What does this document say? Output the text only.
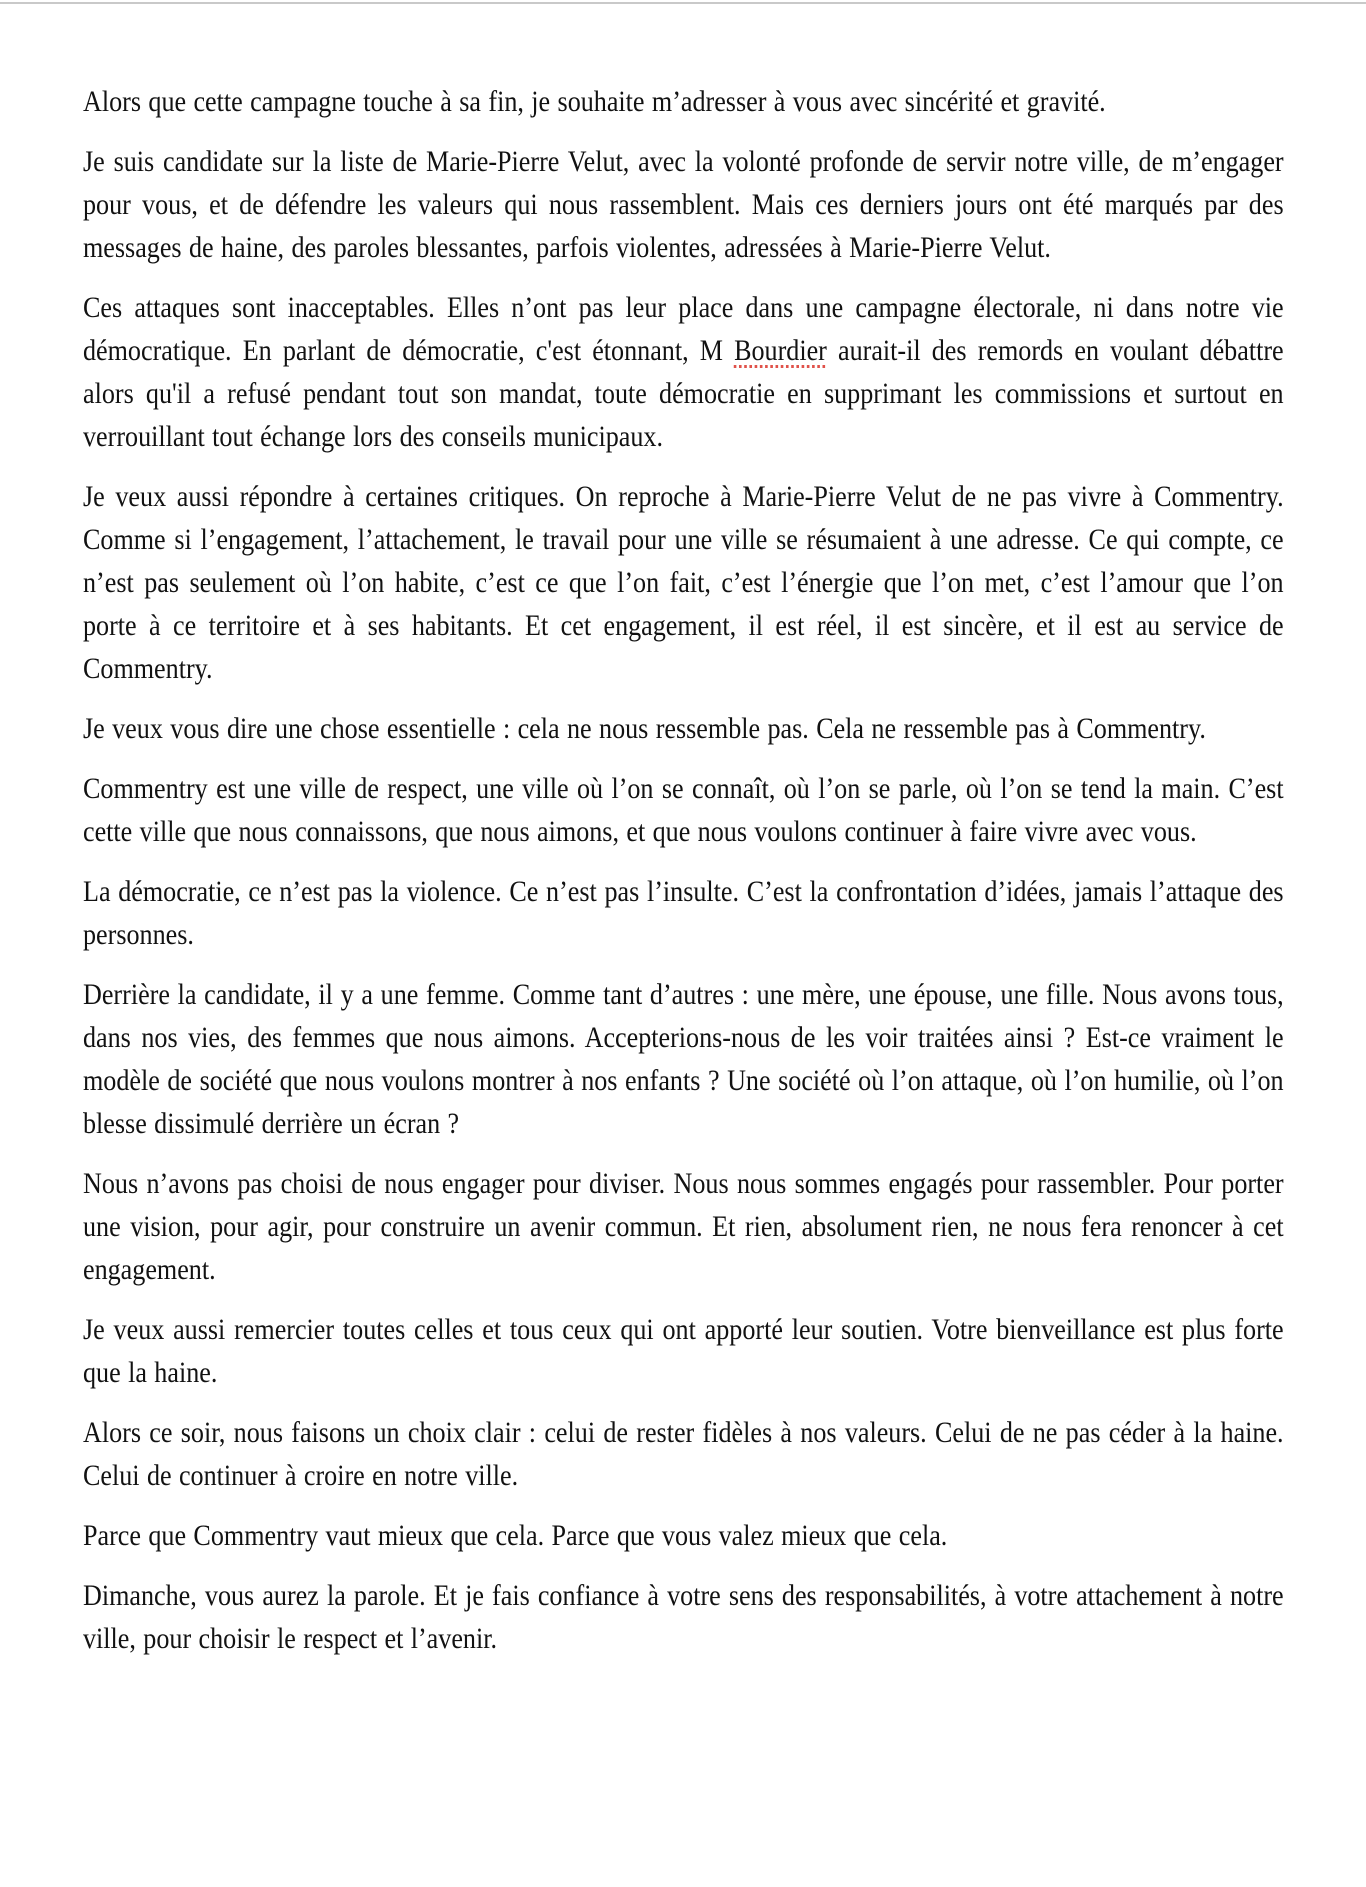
Alors que cette campagne touche à sa fin, je souhaite m’adresser à vous avec sincérité et gravité.

Je suis candidate sur la liste de Marie-Pierre Velut, avec la volonté profonde de servir notre ville, de m’engager pour vous, et de défendre les valeurs qui nous rassemblent. Mais ces derniers jours ont été marqués par des messages de haine, des paroles blessantes, parfois violentes, adressées à Marie-Pierre Velut.

Ces attaques sont inacceptables. Elles n’ont pas leur place dans une campagne électorale, ni dans notre vie démocratique. En parlant de démocratie, c'est étonnant, M Bourdier aurait-il des remords en voulant débattre alors qu'il a refusé pendant tout son mandat, toute démocratie en supprimant les commissions et surtout en verrouillant tout échange lors des conseils municipaux.

Je veux aussi répondre à certaines critiques. On reproche à Marie-Pierre Velut de ne pas vivre à Commentry. Comme si l’engagement, l’attachement, le travail pour une ville se résumaient à une adresse. Ce qui compte, ce n’est pas seulement où l’on habite, c’est ce que l’on fait, c’est l’énergie que l’on met, c’est l’amour que l’on porte à ce territoire et à ses habitants. Et cet engagement, il est réel, il est sincère, et il est au service de Commentry.

Je veux vous dire une chose essentielle : cela ne nous ressemble pas. Cela ne ressemble pas à Commentry.

Commentry est une ville de respect, une ville où l’on se connaît, où l’on se parle, où l’on se tend la main. C’est cette ville que nous connaissons, que nous aimons, et que nous voulons continuer à faire vivre avec vous.

La démocratie, ce n’est pas la violence. Ce n’est pas l’insulte. C’est la confrontation d’idées, jamais l’attaque des personnes.

Derrière la candidate, il y a une femme. Comme tant d’autres : une mère, une épouse, une fille. Nous avons tous, dans nos vies, des femmes que nous aimons. Accepterions-nous de les voir traitées ainsi ? Est-ce vraiment le modèle de société que nous voulons montrer à nos enfants ? Une société où l’on attaque, où l’on humilie, où l’on blesse dissimulé derrière un écran ?

Nous n’avons pas choisi de nous engager pour diviser. Nous nous sommes engagés pour rassembler. Pour porter une vision, pour agir, pour construire un avenir commun. Et rien, absolument rien, ne nous fera renoncer à cet engagement.

Je veux aussi remercier toutes celles et tous ceux qui ont apporté leur soutien. Votre bienveillance est plus forte que la haine.

Alors ce soir, nous faisons un choix clair : celui de rester fidèles à nos valeurs. Celui de ne pas céder à la haine. Celui de continuer à croire en notre ville.

Parce que Commentry vaut mieux que cela. Parce que vous valez mieux que cela.

Dimanche, vous aurez la parole. Et je fais confiance à votre sens des responsabilités, à votre attachement à notre ville, pour choisir le respect et l’avenir.
